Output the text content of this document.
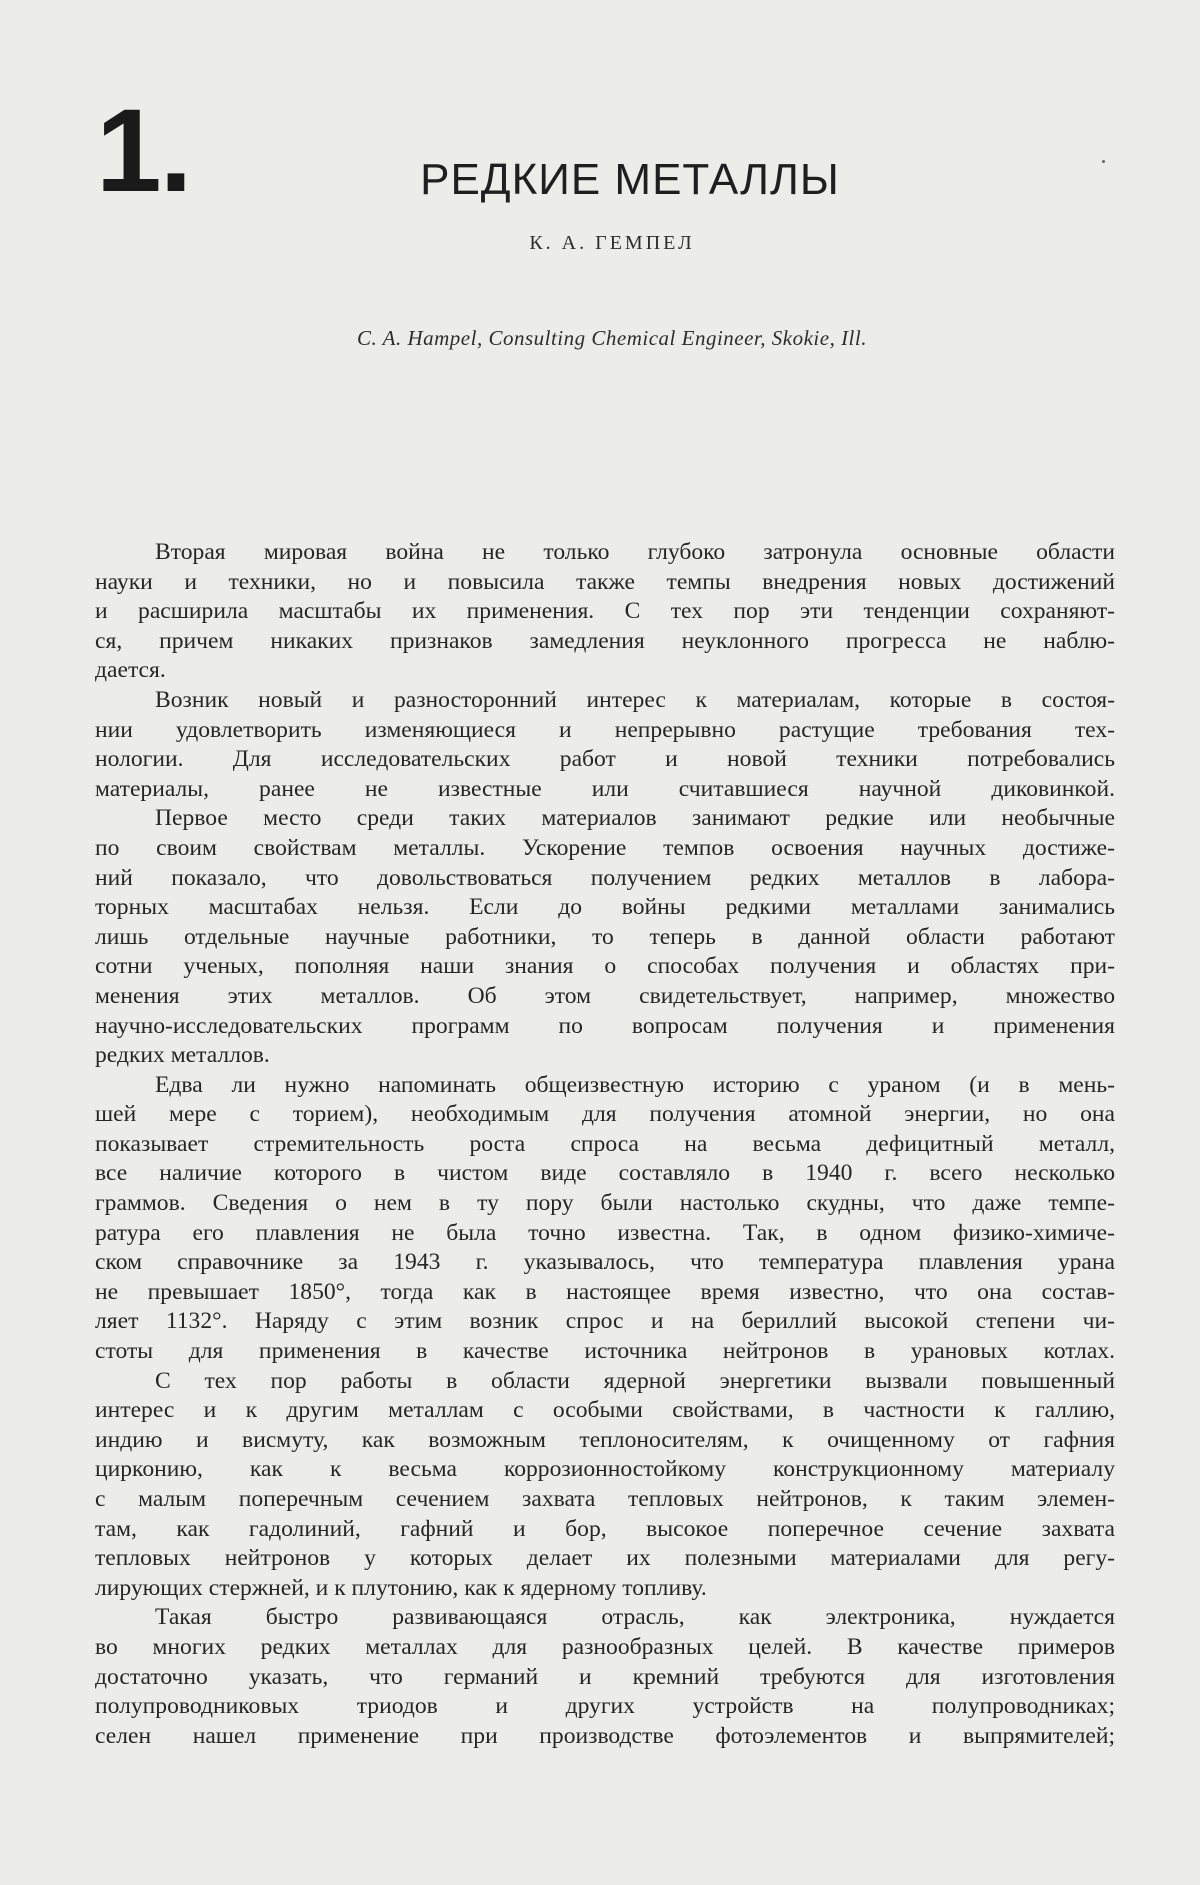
1.	РЕДКИЕ МЕТАЛЛЫ
К. А. ГЕМПЕЛ
C. A. Hampel, Consulting Chemical Engineer, Skokie, Ill.
Вторая мировая война не только глубоко затронула основные области
науки и техники, но и повысила также темпы внедрения новых достижений
и расширила масштабы их применения. С тех пор эти тенденции сохраняют-
ся, причем никаких признаков замедления неуклонного прогресса не наблю-
дается.
Возник новый и разносторонний интерес к материалам, которые в состоя-
нии удовлетворить изменяющиеся и непрерывно растущие требования тех-
нологии. Для исследовательских работ и новой техники потребовались
материалы, ранее не известные или считавшиеся научной диковинкой.
Первое место среди таких материалов занимают редкие или необычные
по своим свойствам металлы. Ускорение темпов освоения научных достиже-
ний показало, что довольствоваться получением редких металлов в лабора-
торных масштабах нельзя. Если до войны редкими металлами занимались
лишь отдельные научные работники, то теперь в данной области работают
сотни ученых, пополняя наши знания о способах получения и областях при-
менения этих металлов. Об этом свидетельствует, например, множество
научно-исследовательских программ по вопросам получения и применения
редких металлов.
Едва ли нужно напоминать общеизвестную историю с ураном (и в мень-
шей мере с торием), необходимым для получения атомной энергии, но она
показывает стремительность роста спроса на весьма дефицитный металл,
все наличие которого в чистом виде составляло в 1940 г. всего несколько
граммов. Сведения о нем в ту пору были настолько скудны, что даже темпе-
ратура его плавления не была точно известна. Так, в одном физико-химиче-
ском справочнике за 1943 г. указывалось, что температура плавления урана
не превышает 1850°, тогда как в настоящее время известно, что она состав-
ляет 1132°. Наряду с этим возник спрос и на бериллий высокой степени чи-
стоты для применения в качестве источника нейтронов в урановых котлах.
С тех пор работы в области ядерной энергетики вызвали повышенный
интерес и к другим металлам с особыми свойствами, в частности к галлию,
индию и висмуту, как возможным теплоносителям, к очищенному от гафния
цирконию, как к весьма коррозионностойкому конструкционному материалу
с малым поперечным сечением захвата тепловых нейтронов, к таким элемен-
там, как гадолиний, гафний и бор, высокое поперечное сечение захвата
тепловых нейтронов у которых делает их полезными материалами для регу-
лирующих стержней, и к плутонию, как к ядерному топливу.
Такая быстро развивающаяся отрасль, как электроника, нуждается
во многих редких металлах для разнообразных целей. В качестве примеров
достаточно указать, что германий и кремний требуются для изготовления
полупроводниковых триодов и других устройств на полупроводниках;
селен нашел применение при производстве фотоэлементов и выпрямителей;
